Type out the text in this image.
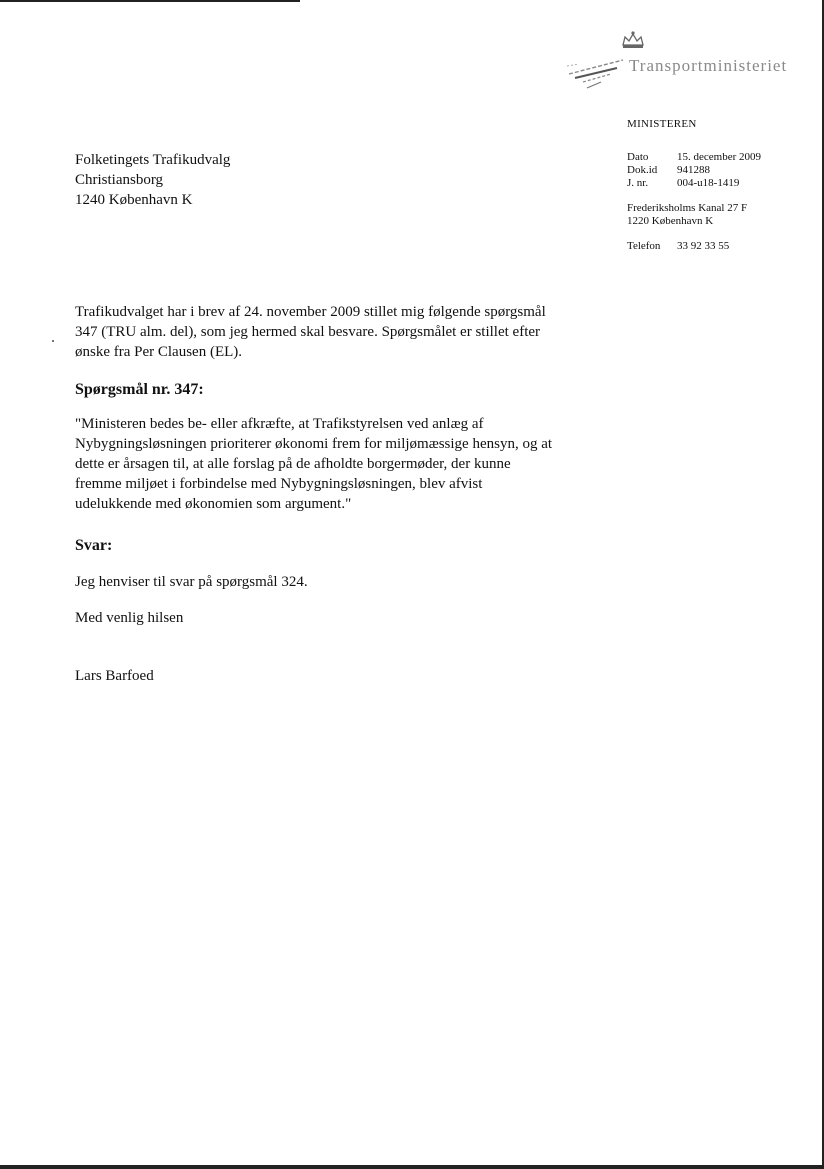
Transportministeriet
MINISTEREN
Dato	15. december 2009
Dok.id	941288
J. nr.	004-u18-1419
Frederiksholms Kanal 27 F
1220 København K
Telefon	33 92 33 55
Folketingets Trafikudvalg
Christiansborg
1240 København K

Trafikudvalget har i brev af 24. november 2009 stillet mig følgende spørgsmål
347 (TRU alm. del), som jeg hermed skal besvare. Spørgsmålet er stillet efter
ønske fra Per Clausen (EL).

Spørgsmål nr. 347:

"Ministeren bedes be- eller afkræfte, at Trafikstyrelsen ved anlæg af
Nybygningsløsningen prioriterer økonomi frem for miljømæssige hensyn, og at
dette er årsagen til, at alle forslag på de afholdte borgermøder, der kunne
fremme miljøet i forbindelse med Nybygningsløsningen, blev afvist
udelukkende med økonomien som argument."

Svar:

Jeg henviser til svar på spørgsmål 324.

Med venlig hilsen

Lars Barfoed
